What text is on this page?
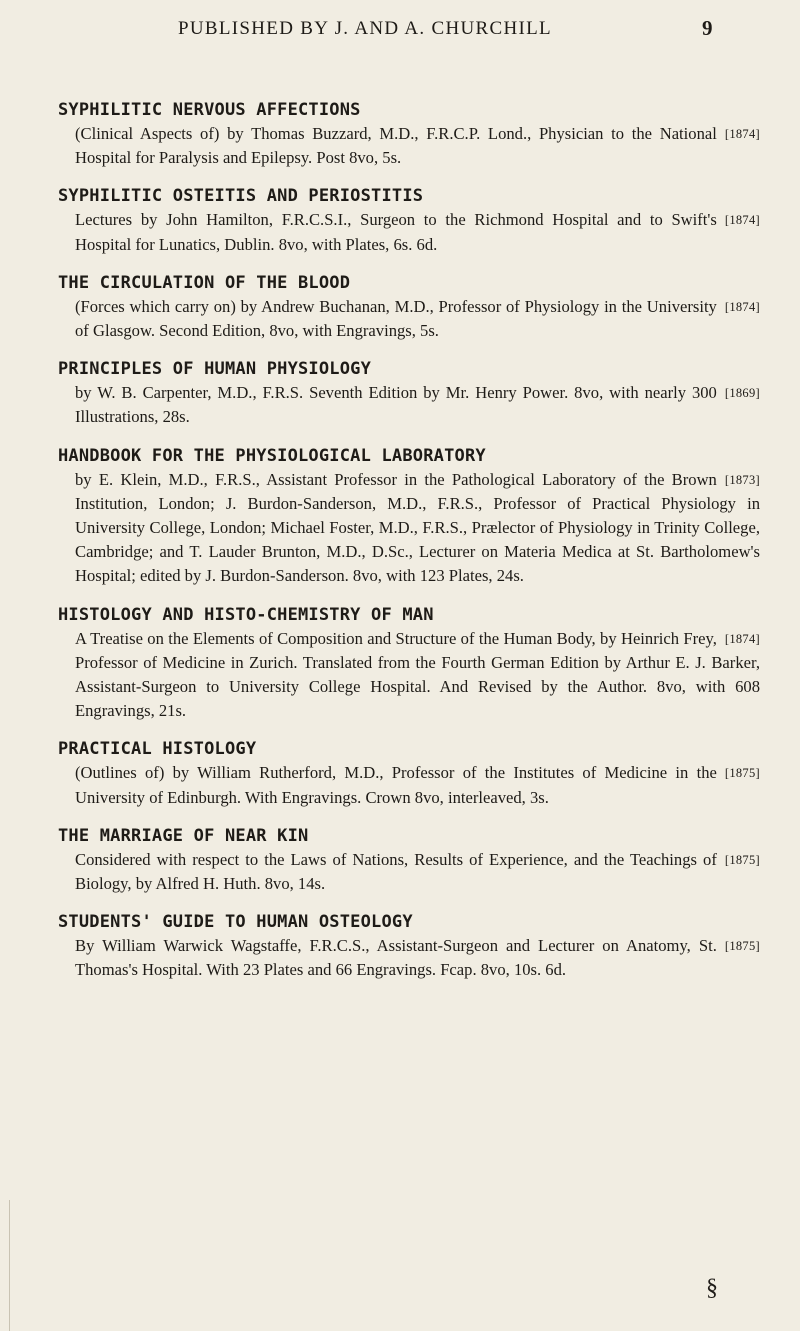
PUBLISHED BY J. AND A. CHURCHILL	9
SYPHILITIC NERVOUS AFFECTIONS
[1874]
(Clinical Aspects of) by Thomas Buzzard, M.D., F.R.C.P. Lond., Physician to the National Hospital for Paralysis and Epilepsy. Post 8vo, 5s.
SYPHILITIC OSTEITIS AND PERIOSTITIS
[1874]
Lectures by John Hamilton, F.R.C.S.I., Surgeon to the Richmond Hospital and to Swift's Hospital for Lunatics, Dublin. 8vo, with Plates, 6s. 6d.
THE CIRCULATION OF THE BLOOD
[1874]
(Forces which carry on) by Andrew Buchanan, M.D., Professor of Physiology in the University of Glasgow. Second Edition, 8vo, with Engravings, 5s.
PRINCIPLES OF HUMAN PHYSIOLOGY
[1869]
by W. B. Carpenter, M.D., F.R.S. Seventh Edition by Mr. Henry Power. 8vo, with nearly 300 Illustrations, 28s.
HANDBOOK FOR THE PHYSIOLOGICAL LABORATORY
[1873]
by E. Klein, M.D., F.R.S., Assistant Professor in the Pathological Laboratory of the Brown Institution, London; J. Burdon-Sanderson, M.D., F.R.S., Professor of Practical Physiology in University College, London; Michael Foster, M.D., F.R.S., Prælector of Physiology in Trinity College, Cambridge; and T. Lauder Brunton, M.D., D.Sc., Lecturer on Materia Medica at St. Bartholomew's Hospital; edited by J. Burdon-Sanderson. 8vo, with 123 Plates, 24s.
HISTOLOGY AND HISTO-CHEMISTRY OF MAN
[1874]
A Treatise on the Elements of Composition and Structure of the Human Body, by Heinrich Frey, Professor of Medicine in Zurich. Translated from the Fourth German Edition by Arthur E. J. Barker, Assistant-Surgeon to University College Hospital. And Revised by the Author. 8vo, with 608 Engravings, 21s.
PRACTICAL HISTOLOGY
[1875]
(Outlines of) by William Rutherford, M.D., Professor of the Institutes of Medicine in the University of Edinburgh. With Engravings. Crown 8vo, interleaved, 3s.
THE MARRIAGE OF NEAR KIN
[1875]
Considered with respect to the Laws of Nations, Results of Experience, and the Teachings of Biology, by Alfred H. Huth. 8vo, 14s.
STUDENTS' GUIDE TO HUMAN OSTEOLOGY
[1875]
By William Warwick Wagstaffe, F.R.C.S., Assistant-Surgeon and Lecturer on Anatomy, St. Thomas's Hospital. With 23 Plates and 66 Engravings. Fcap. 8vo, 10s. 6d.
§
